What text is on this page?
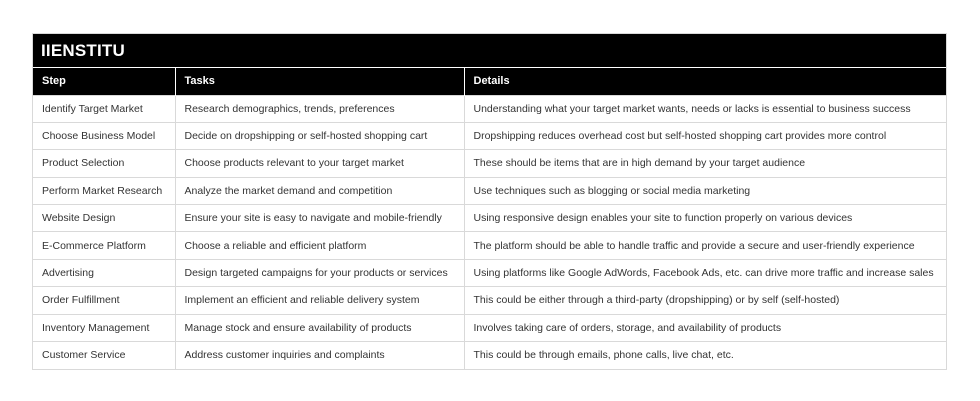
IIENSTITU
Step	Tasks	Details
Identify Target Market	Research demographics, trends, preferences	Understanding what your target market wants, needs or lacks is essential to business success
Choose Business Model	Decide on dropshipping or self-hosted shopping cart	Dropshipping reduces overhead cost but self-hosted shopping cart provides more control
Product Selection	Choose products relevant to your target market	These should be items that are in high demand by your target audience
Perform Market Research	Analyze the market demand and competition	Use techniques such as blogging or social media marketing
Website Design	Ensure your site is easy to navigate and mobile-friendly	Using responsive design enables your site to function properly on various devices
E-Commerce Platform	Choose a reliable and efficient platform	The platform should be able to handle traffic and provide a secure and user-friendly experience
Advertising	Design targeted campaigns for your products or services	Using platforms like Google AdWords, Facebook Ads, etc. can drive more traffic and increase sales
Order Fulfillment	Implement an efficient and reliable delivery system	This could be either through a third-party (dropshipping) or by self (self-hosted)
Inventory Management	Manage stock and ensure availability of products	Involves taking care of orders, storage, and availability of products
Customer Service	Address customer inquiries and complaints	This could be through emails, phone calls, live chat, etc.
